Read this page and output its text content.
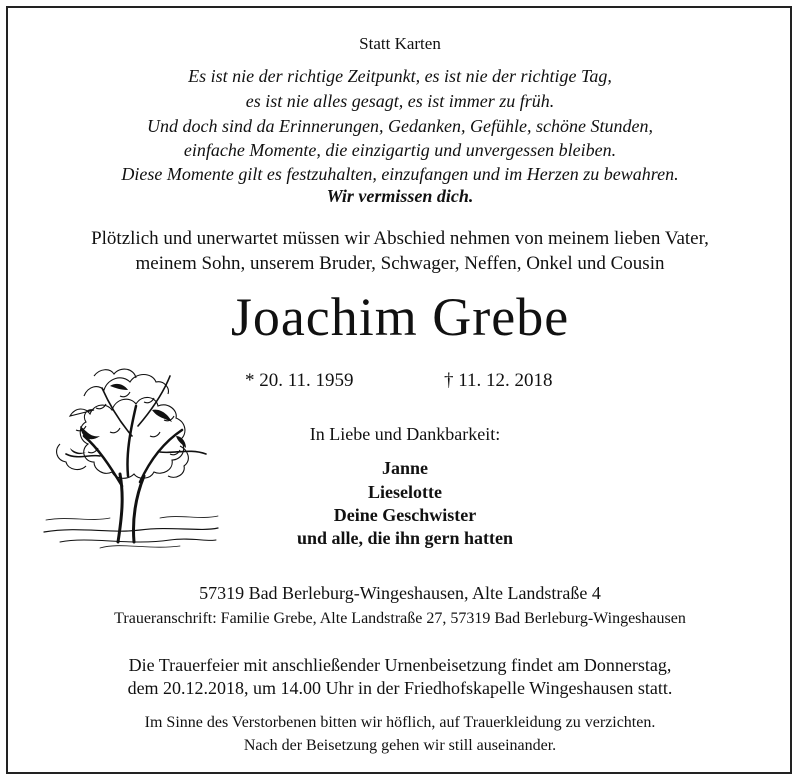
Statt Karten
Es ist nie der richtige Zeitpunkt, es ist nie der richtige Tag,
es ist nie alles gesagt, es ist immer zu früh.
Und doch sind da Erinnerungen, Gedanken, Gefühle, schöne Stunden,
einfache Momente, die einzigartig und unvergessen bleiben.
Diese Momente gilt es festzuhalten, einzufangen und im Herzen zu bewahren.
Wir vermissen dich.
Plötzlich und unerwartet müssen wir Abschied nehmen von meinem lieben Vater,
meinem Sohn, unserem Bruder, Schwager, Neffen, Onkel und Cousin
Joachim Grebe
* 20. 11. 1959	† 11. 12. 2018
In Liebe und Dankbarkeit:
Janne
Lieselotte
Deine Geschwister
und alle, die ihn gern hatten
57319 Bad Berleburg-Wingeshausen, Alte Landstraße 4
Traueranschrift: Familie Grebe, Alte Landstraße 27, 57319 Bad Berleburg-Wingeshausen
Die Trauerfeier mit anschließender Urnenbeisetzung findet am Donnerstag,
dem 20.12.2018, um 14.00 Uhr in der Friedhofskapelle Wingeshausen statt.
Im Sinne des Verstorbenen bitten wir höflich, auf Trauerkleidung zu verzichten.
Nach der Beisetzung gehen wir still auseinander.
